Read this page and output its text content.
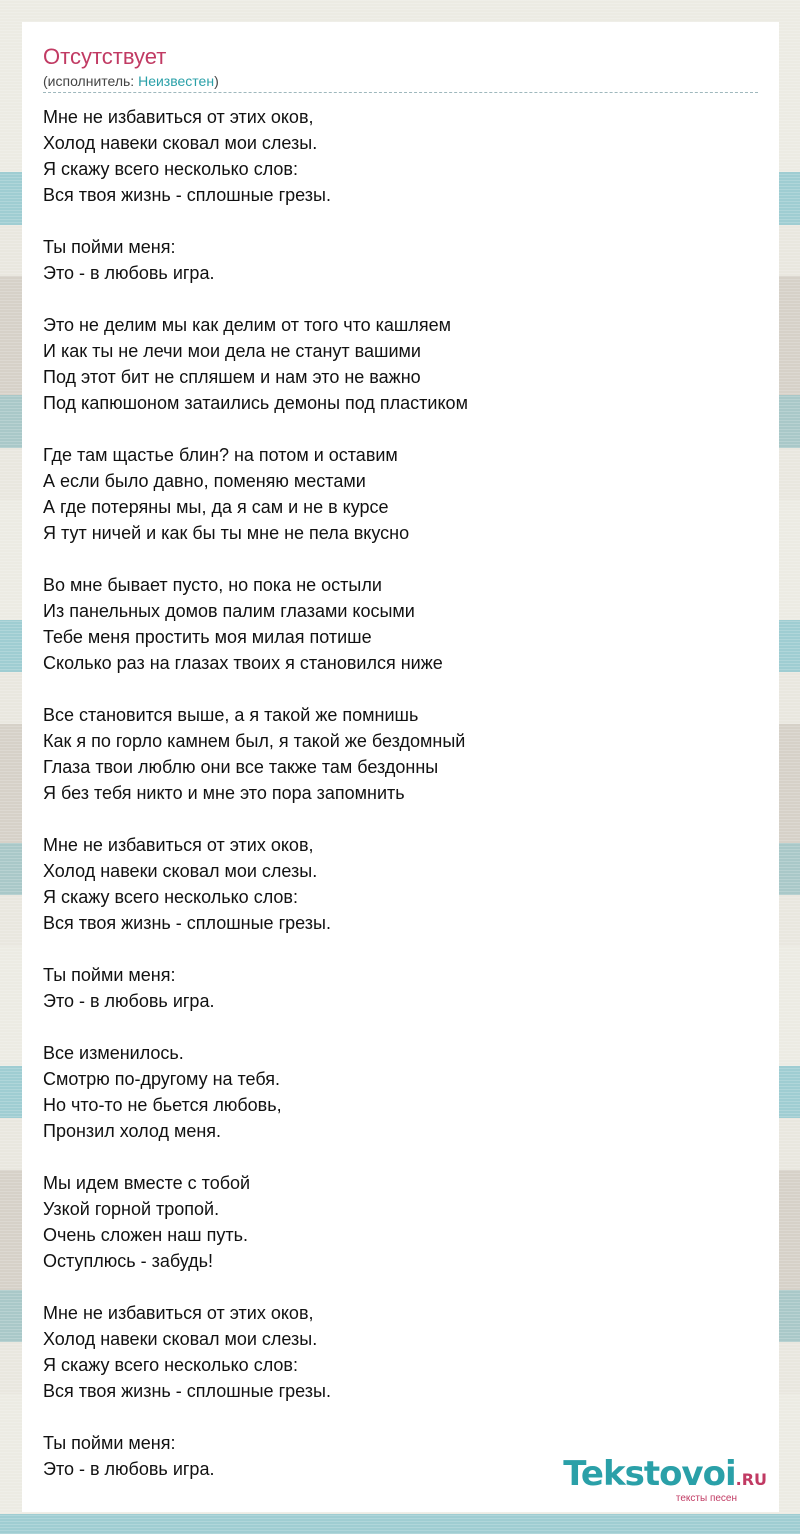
Отсутствует
(исполнитель: Неизвестен)
Мне не избавиться от этих оков,
Холод навеки сковал мои слезы.
Я скажу всего несколько слов:
Вся твоя жизнь - сплошные грезы.
Ты пойми меня:
Это - в любовь игра.
Это не делим мы как делим от того что кашляем
И как ты не лечи мои дела не станут вашими
Под этот бит не спляшем и нам это не важно
Под капюшоном затаились демоны под пластиком
Где там щастье блин? на потом и оставим
А если было давно, поменяю местами
А где потеряны мы, да я сам и не в курсе
Я тут ничей и как бы ты мне не пела вкусно
Во мне бывает пусто, но пока не остыли
Из панельных домов палим глазами косыми
Тебе меня простить моя милая потише
Сколько раз на глазах твоих я становился ниже
Все становится выше, а я такой же помнишь
Как я по горло камнем был, я такой же бездомный
Глаза твои люблю они все также там бездонны
Я без тебя никто и мне это пора запомнить
Мне не избавиться от этих оков,
Холод навеки сковал мои слезы.
Я скажу всего несколько слов:
Вся твоя жизнь - сплошные грезы.
Ты пойми меня:
Это - в любовь игра.
Все изменилось.
Смотрю по-другому на тебя.
Но что-то не бьется любовь,
Пронзил холод меня.
Мы идем вместе с тобой
Узкой горной тропой.
Очень сложен наш путь.
Оступлюсь - забудь!
Мне не избавиться от этих оков,
Холод навеки сковал мои слезы.
Я скажу всего несколько слов:
Вся твоя жизнь - сплошные грезы.
Ты пойми меня:
Это - в любовь игра.	Tekstovoi.RU
тексты песен
